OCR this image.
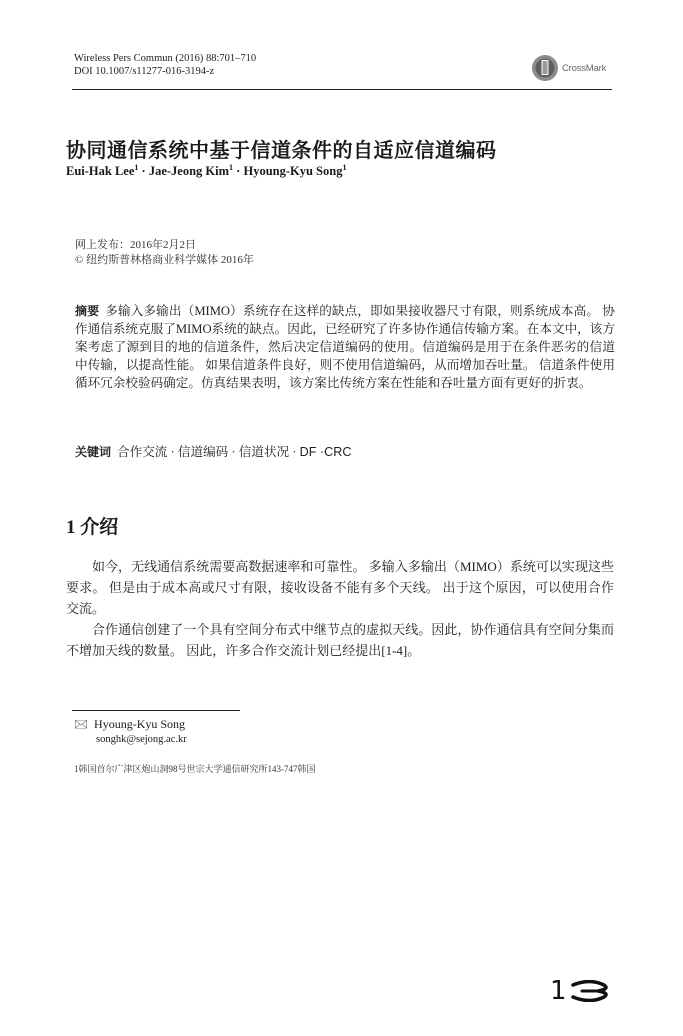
Wireless Pers Commun (2016) 88:701–710
DOI 10.1007/s11277-016-3194-z	CrossMark
协同通信系统中基于信道条件的自适应信道编码
Eui-Hak Lee$^1$ · Jae-Jeong Kim$^1$ · Hyoung-Kyu Song$^1$
网上发布：2016年2月2日
© 纽约斯普林格商业科学媒体 2016年
摘要 多输入多输出（MIMO）系统存在这样的缺点，即如果接收器尺寸有限，则系统成本高。 协作通信系统克服了MIMO系统的缺点。因此，已经研究了许多协作通信传输方案。在本文中，该方案考虑了源到目的地的信道条件，然后决定信道编码的使用。信道编码是用于在条件恶劣的信道中传输，以提高性能。 如果信道条件良好，则不使用信道编码，从而增加吞吐量。 信道条件使用循环冗余校验码确定。仿真结果表明，该方案比传统方案在性能和吞吐量方面有更好的折衷。
关键词 合作交流 · 信道编码 · 信道状况 · DF ·CRC
1 介绍

如今，无线通信系统需要高数据速率和可靠性。 多输入多输出（MIMO）系统可以实现这些要求。 但是由于成本高或尺寸有限，接收设备不能有多个天线。 出于这个原因，可以使用合作交流。

合作通信创建了一个具有空间分布式中继节点的虚拟天线。因此，协作通信具有空间分集而不增加天线的数量。 因此，许多合作交流计划已经提出[1-4]。

🖂 Hyoung-Kyu Song
songhk@sejong.ac.kr
1韩国首尔广津区炮山洞98号世宗大学通信研究所143-747韩国
1
